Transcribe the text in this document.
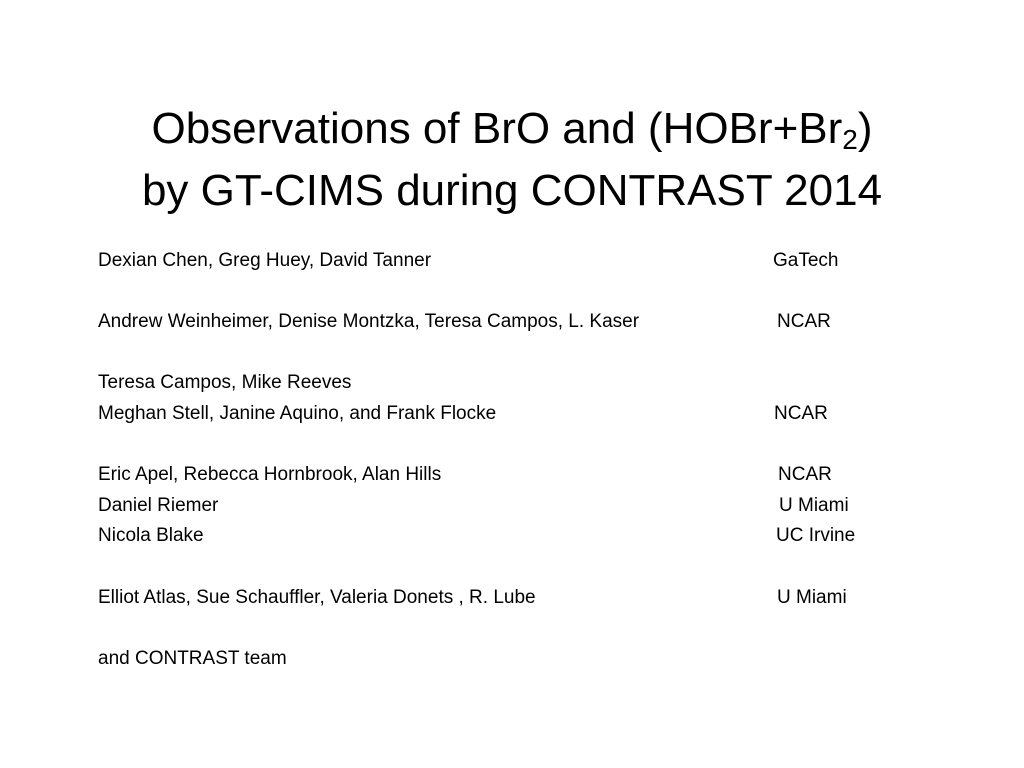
Observations of BrO and $(HOBr+Br_2)$
by GT-CIMS during CONTRAST 2014
Dexian Chen, Greg Huey, David Tanner	GaTech
Andrew Weinheimer, Denise Montzka, Teresa Campos, L. Kaser	NCAR
Teresa Campos, Mike Reeves
Meghan Stell, Janine Aquino, and Frank Flocke	NCAR
Eric Apel, Rebecca Hornbrook, Alan Hills	NCAR
Daniel Riemer	U Miami
Nicola Blake	UC Irvine
Elliot Atlas, Sue Schauffler, Valeria Donets , R. Lube	U Miami
and CONTRAST team
